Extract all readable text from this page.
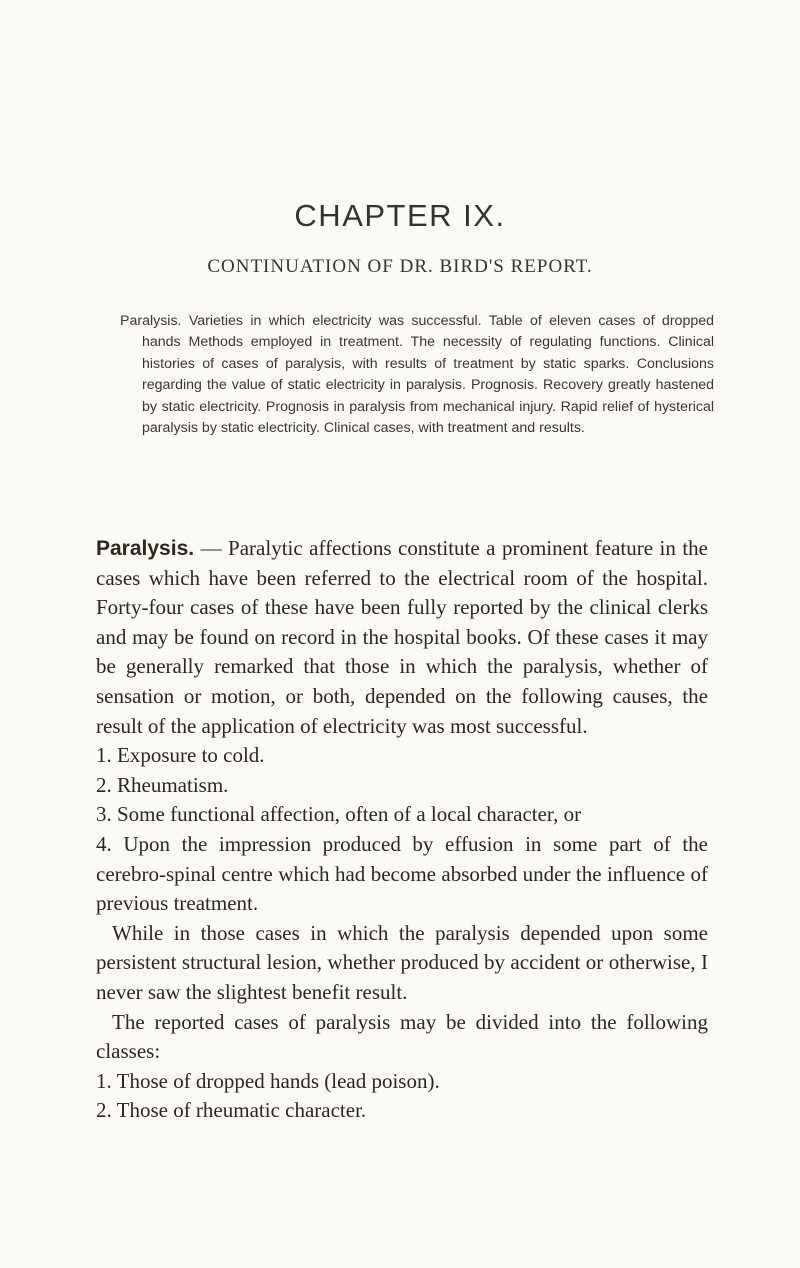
CHAPTER IX.
CONTINUATION OF DR. BIRD'S REPORT.
Paralysis. Varieties in which electricity was successful. Table of eleven cases of dropped hands Methods employed in treatment. The necessity of regulating functions. Clinical histories of cases of paralysis, with results of treatment by static sparks. Conclusions regarding the value of static electricity in paralysis. Prognosis. Recovery greatly hastened by static electricity. Prognosis in paralysis from mechanical injury. Rapid relief of hysterical paralysis by static electricity. Clinical cases, with treatment and results.

Paralysis. — Paralytic affections constitute a prominent feature in the cases which have been referred to the electrical room of the hospital. Forty-four cases of these have been fully reported by the clinical clerks and may be found on record in the hospital books. Of these cases it may be generally remarked that those in which the paralysis, whether of sensation or motion, or both, depended on the following causes, the result of the application of electricity was most successful.

1. Exposure to cold.

2. Rheumatism.

3. Some functional affection, often of a local character, or

4. Upon the impression produced by effusion in some part of the cerebro-spinal centre which had become absorbed under the influence of previous treatment.

While in those cases in which the paralysis depended upon some persistent structural lesion, whether produced by accident or otherwise, I never saw the slightest benefit result.

The reported cases of paralysis may be divided into the following classes:

1. Those of dropped hands (lead poison).

2. Those of rheumatic character.
